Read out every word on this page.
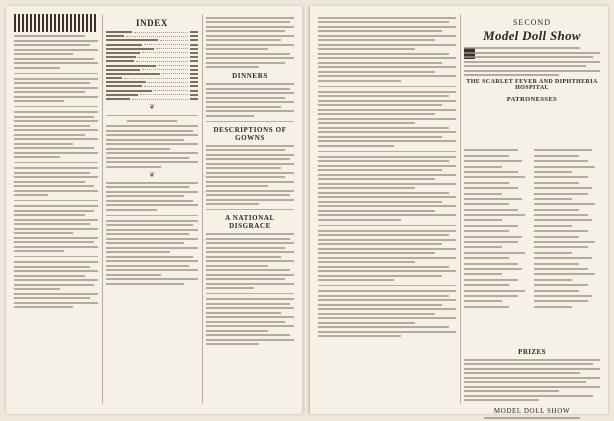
INDEX
❦
❦
DINNERS
DESCRIPTIONS OF GOWNS
A NATIONAL DISGRACE
SECOND
Model Doll Show
THE SCARLET FEVER AND DIPHTHERIA HOSPITAL
PATRONESSES
PRIZES
MODEL DOLL SHOW
